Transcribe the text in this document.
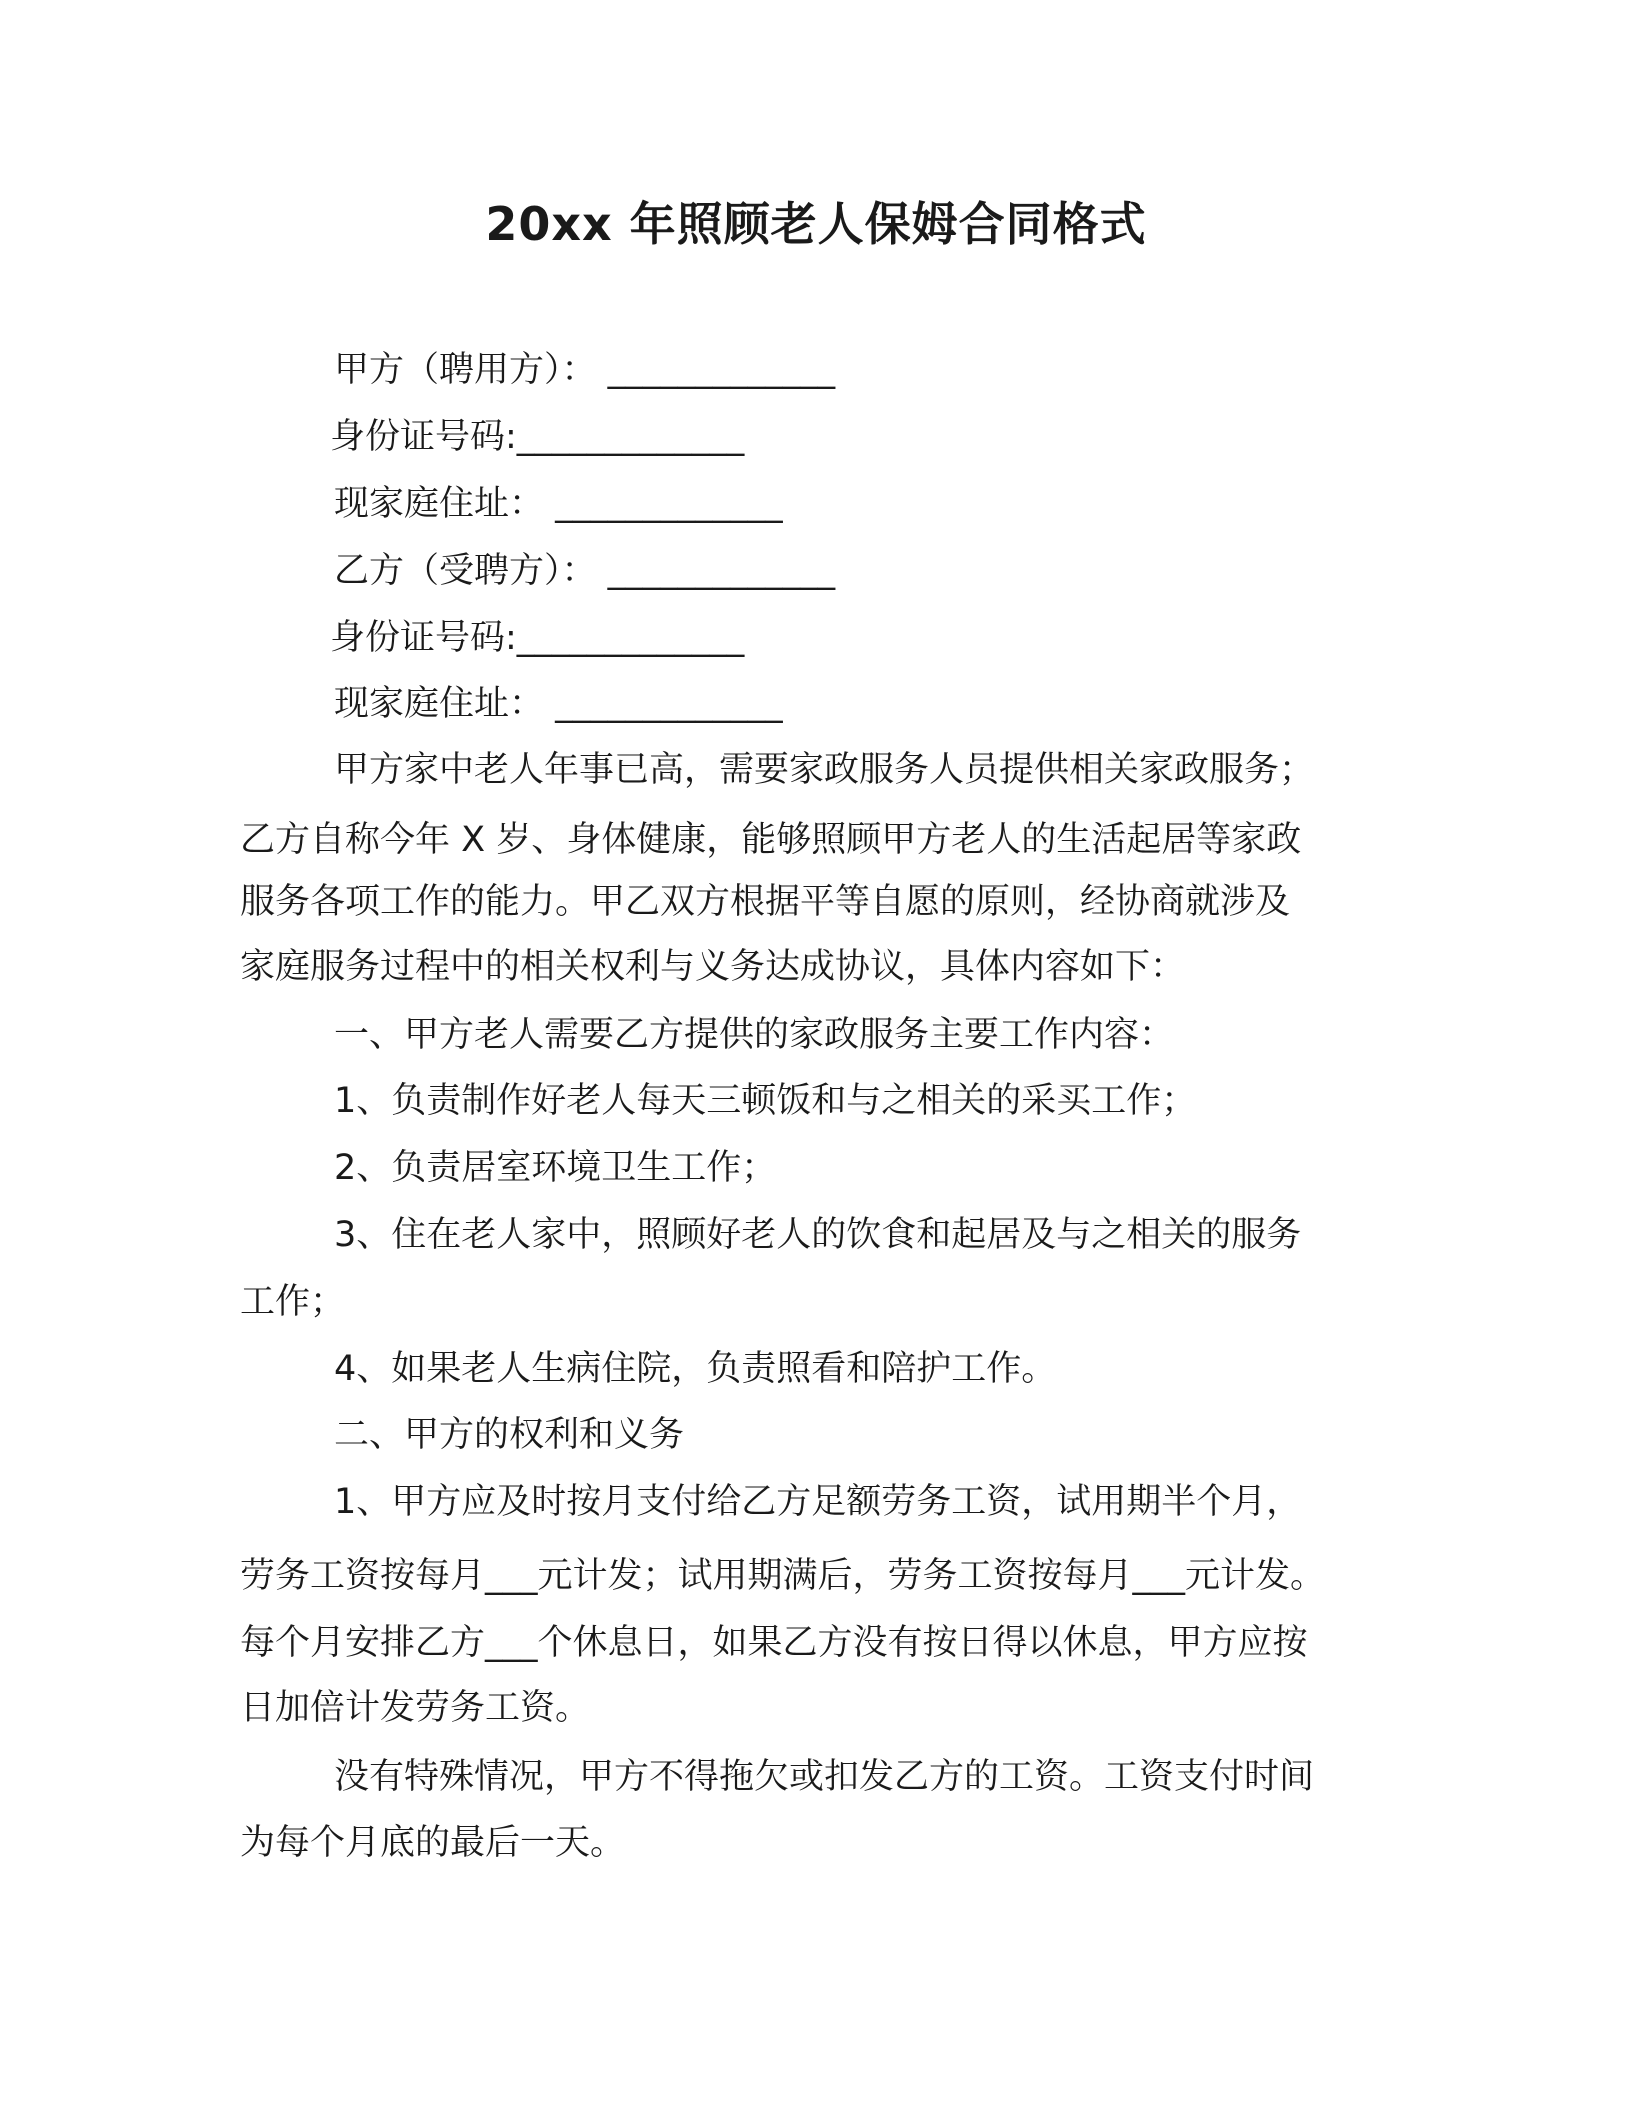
20xx 年照顾老人保姆合同格式

甲方（聘用方）： _____________

身份证号码:_____________

现家庭住址： _____________

乙方（受聘方）： _____________

身份证号码:_____________

现家庭住址： _____________

甲方家中老人年事已高，需要家政服务人员提供相关家政服务；

乙方自称今年 X 岁、身体健康，能够照顾甲方老人的生活起居等家政

服务各项工作的能力。甲乙双方根据平等自愿的原则，经协商就涉及

家庭服务过程中的相关权利与义务达成协议，具体内容如下：

一、甲方老人需要乙方提供的家政服务主要工作内容：

1、负责制作好老人每天三顿饭和与之相关的采买工作；

2、负责居室环境卫生工作；

3、住在老人家中，照顾好老人的饮食和起居及与之相关的服务

工作；

4、如果老人生病住院，负责照看和陪护工作。

二、甲方的权利和义务

1、甲方应及时按月支付给乙方足额劳务工资，试用期半个月，

劳务工资按每月___元计发；试用期满后，劳务工资按每月___元计发。

每个月安排乙方___个休息日，如果乙方没有按日得以休息，甲方应按

日加倍计发劳务工资。

没有特殊情况，甲方不得拖欠或扣发乙方的工资。工资支付时间

为每个月底的最后一天。
